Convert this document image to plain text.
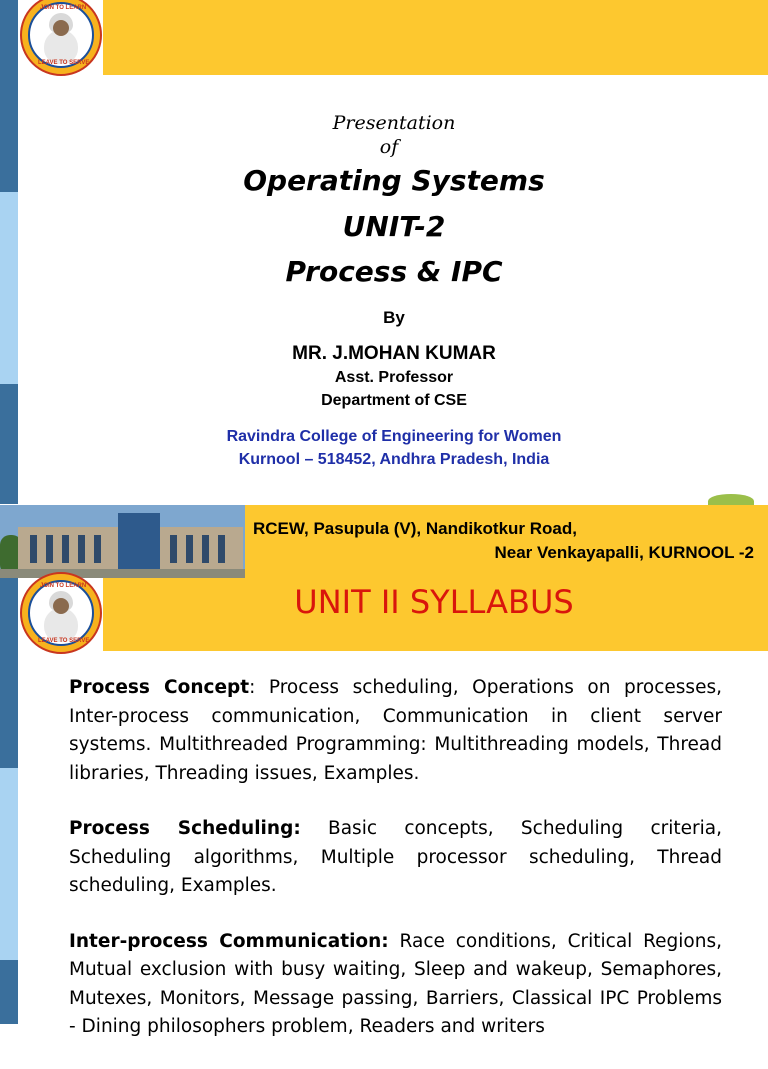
JOIN TO LEARN
LEAVE TO SERVE
Presentation
of
Operating Systems
UNIT-2
Process & IPC
By
MR. J.MOHAN KUMAR
Asst. Professor
Department of CSE
Ravindra College of Engineering for Women
Kurnool – 518452, Andhra Pradesh, India
RCEW, Pasupula (V), Nandikotkur Road,
Near Venkayapalli, KURNOOL -2
JOIN TO LEARN
LEAVE TO SERVE
UNIT II SYLLABUS

Process Concept: Process scheduling, Operations on processes, Inter-process communication, Communication in client server systems. Multithreaded Programming: Multithreading models, Thread libraries, Threading issues, Examples.

Process Scheduling: Basic concepts, Scheduling criteria, Scheduling algorithms, Multiple processor scheduling, Thread scheduling, Examples.

Inter-process Communication: Race conditions, Critical Regions, Mutual exclusion with busy waiting, Sleep and wakeup, Semaphores, Mutexes, Monitors, Message passing, Barriers, Classical IPC Problems - Dining philosophers problem, Readers and writers
